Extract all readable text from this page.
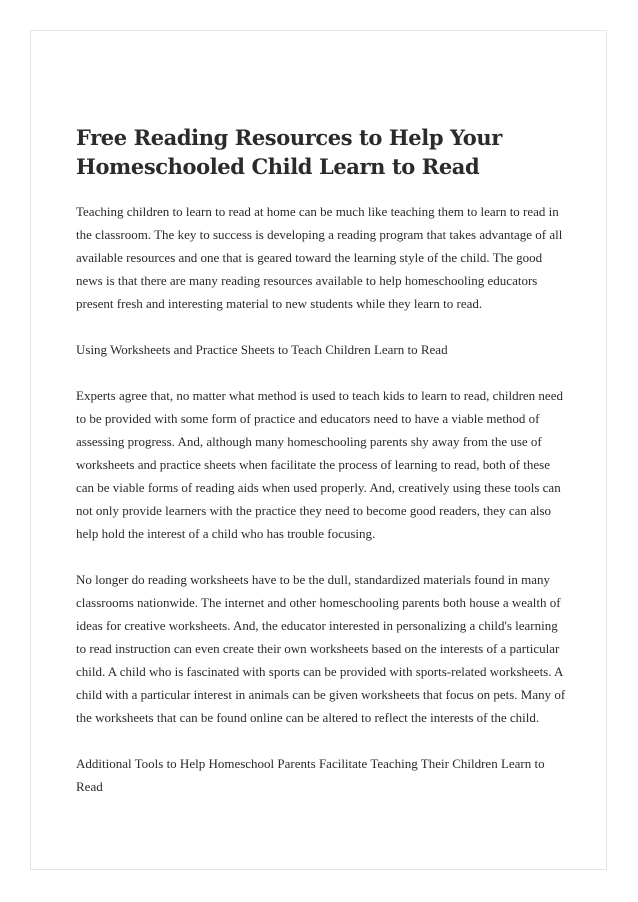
Free Reading Resources to Help Your
Homeschooled Child Learn to Read

Teaching children to learn to read at home can be much like teaching them to learn to read in the classroom. The key to success is developing a reading program that takes advantage of all available resources and one that is geared toward the learning style of the child. The good news is that there are many reading resources available to help homeschooling educators present fresh and interesting material to new students while they learn to read.

Using Worksheets and Practice Sheets to Teach Children Learn to Read

Experts agree that, no matter what method is used to teach kids to learn to read, children need to be provided with some form of practice and educators need to have a viable method of assessing progress. And, although many homeschooling parents shy away from the use of worksheets and practice sheets when facilitate the process of learning to read, both of these can be viable forms of reading aids when used properly. And, creatively using these tools can not only provide learners with the practice they need to become good readers, they can also help hold the interest of a child who has trouble focusing.

No longer do reading worksheets have to be the dull, standardized materials found in many classrooms nationwide. The internet and other homeschooling parents both house a wealth of ideas for creative worksheets. And, the educator interested in personalizing a child's learning to read instruction can even create their own worksheets based on the interests of a particular child. A child who is fascinated with sports can be provided with sports-related worksheets. A child with a particular interest in animals can be given worksheets that focus on pets. Many of the worksheets that can be found online can be altered to reflect the interests of the child.

Additional Tools to Help Homeschool Parents Facilitate Teaching Their Children Learn to Read
